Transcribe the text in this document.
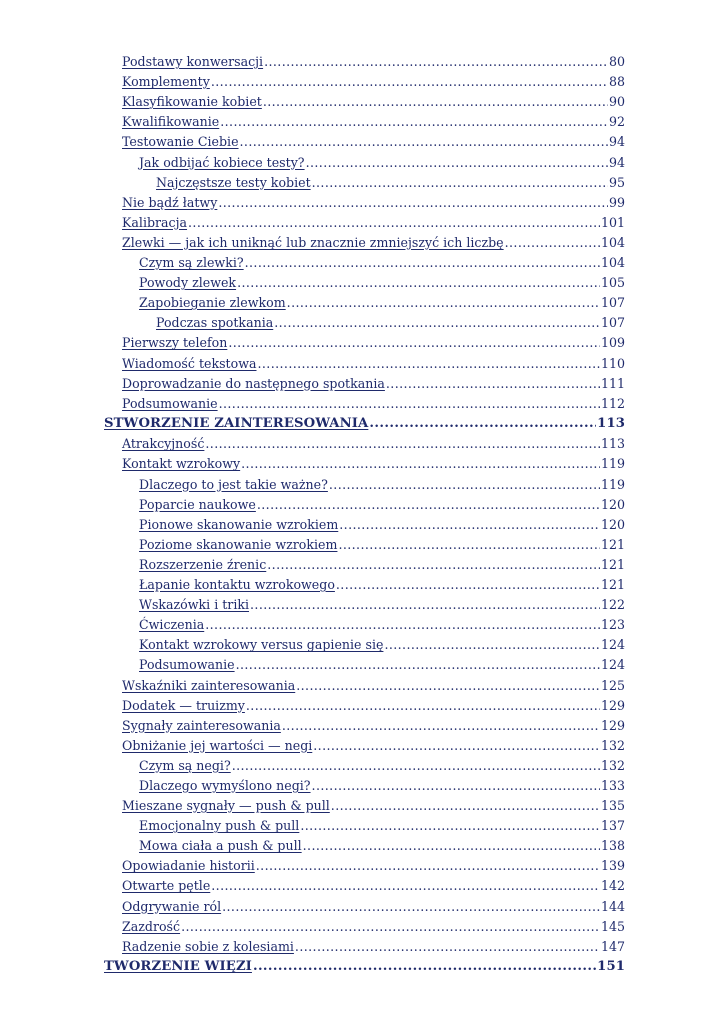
Podstawy konwersacji .....	80
Komplementy .....	88
Klasyfikowanie kobiet .....	90
Kwalifikowanie .....	92
Testowanie Ciebie .....	94
Jak odbijać kobiece testy? .....	94
Najczęstsze testy kobiet .....	95
Nie bądź łatwy .....	99
Kalibracja .....	101
Zlewki — jak ich uniknąć lub znacznie zmniejszyć ich liczbę .....	104
Czym są zlewki? .....	104
Powody zlewek .....	105
Zapobieganie zlewkom .....	107
Podczas spotkania .....	107
Pierwszy telefon .....	109
Wiadomość tekstowa .....	110
Doprowadzanie do następnego spotkania .....	111
Podsumowanie .....	112
STWORZENIE ZAINTERESOWANIA .....	113
Atrakcyjność .....	113
Kontakt wzrokowy .....	119
Dlaczego to jest takie ważne? .....	119
Poparcie naukowe .....	120
Pionowe skanowanie wzrokiem .....	120
Poziome skanowanie wzrokiem .....	121
Rozszerzenie źrenic .....	121
Łapanie kontaktu wzrokowego .....	121
Wskazówki i triki .....	122
Ćwiczenia .....	123
Kontakt wzrokowy versus gapienie się .....	124
Podsumowanie .....	124
Wskaźniki zainteresowania .....	125
Dodatek — truizmy .....	129
Sygnały zainteresowania .....	129
Obniżanie jej wartości — negi .....	132
Czym są negi? .....	132
Dlaczego wymyślono negi? .....	133
Mieszane sygnały — push & pull .....	135
Emocjonalny push & pull .....	137
Mowa ciała a push & pull .....	138
Opowiadanie historii .....	139
Otwarte pętle .....	142
Odgrywanie ról .....	144
Zazdrość .....	145
Radzenie sobie z kolesiami .....	147
TWORZENIE WIĘZI .....	151
